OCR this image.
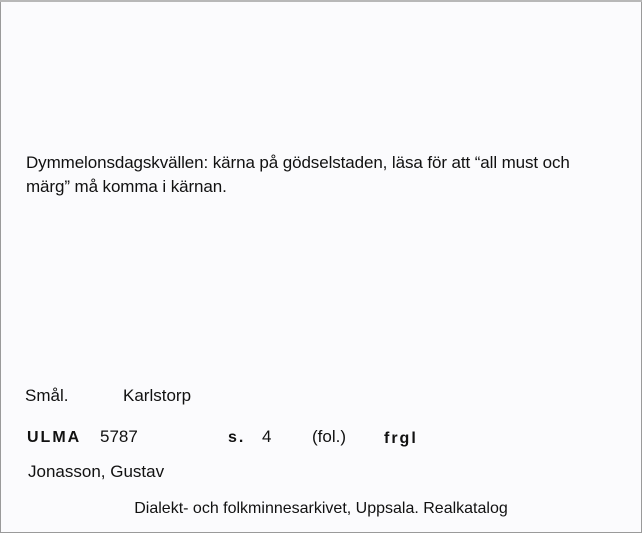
Dymmelonsdagskvällen: kärna på gödselstaden, läsa för att “all must och märg” må komma i kärnan.
Smål.	Karlstorp
ULMA 5787	s. 4 (fol.) frgl
Jonasson, Gustav
Dialekt- och folkminnesarkivet, Uppsala. Realkatalog
